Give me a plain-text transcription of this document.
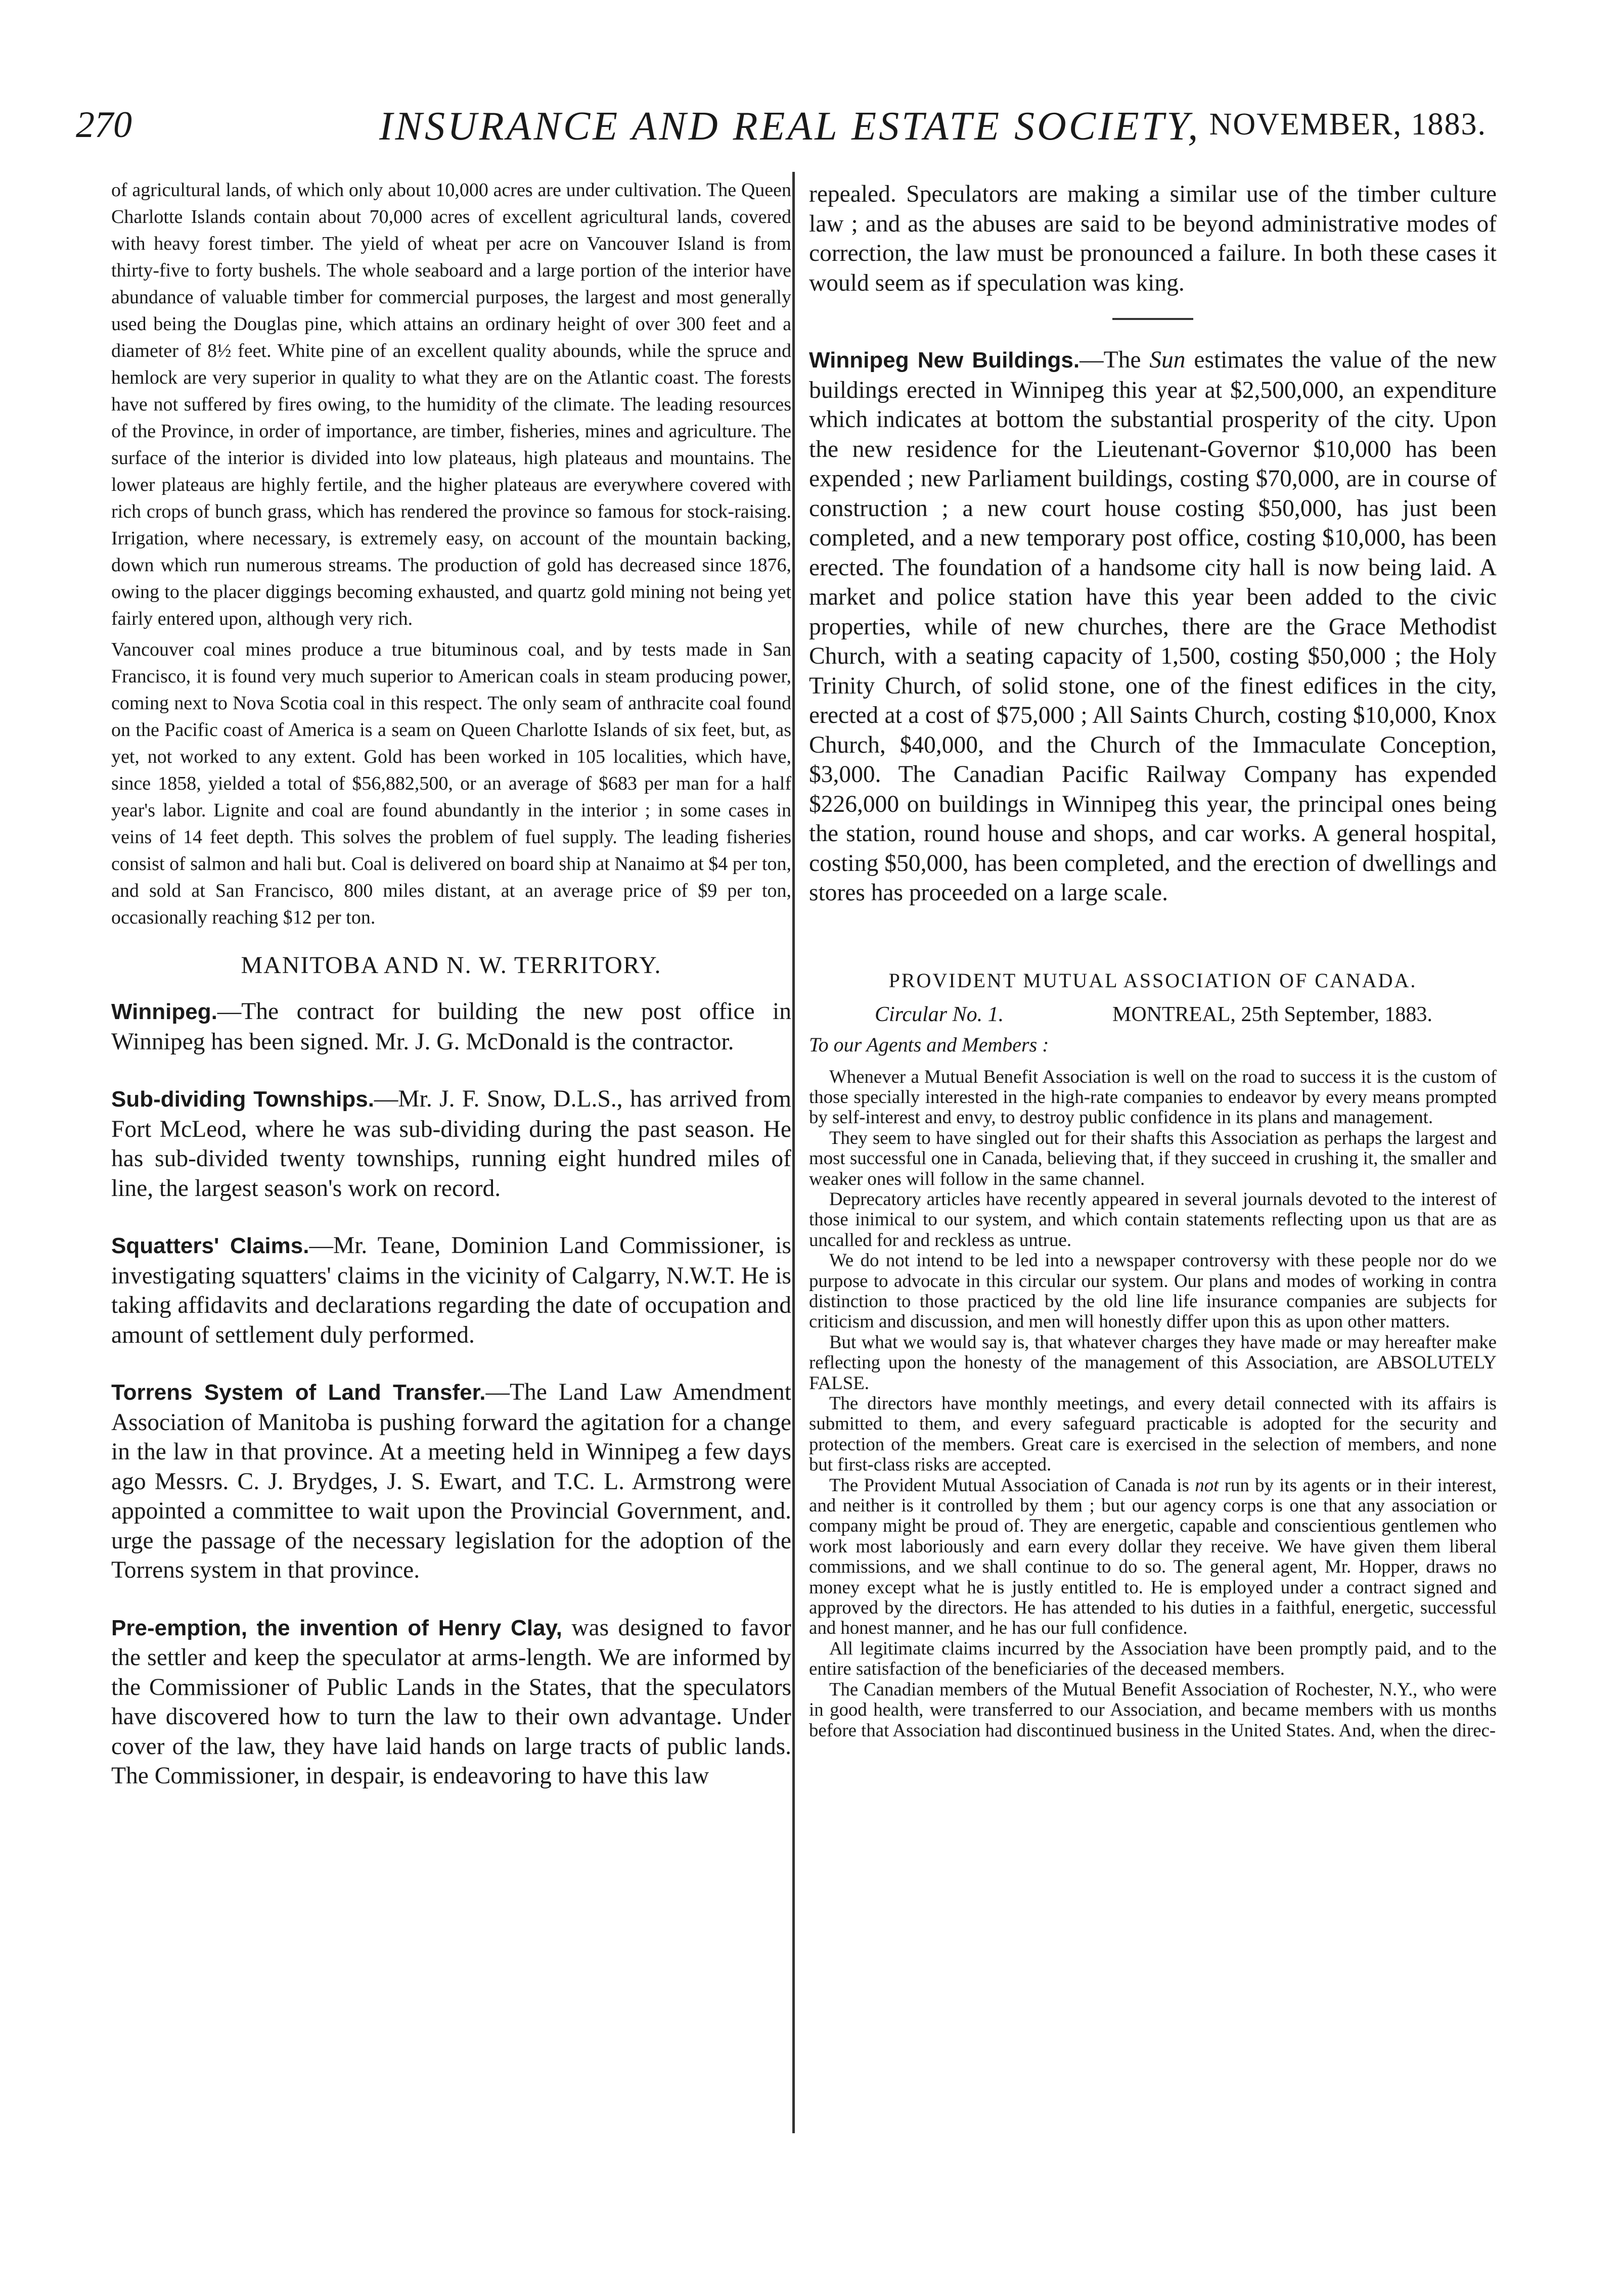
270	INSURANCE AND REAL ESTATE SOCIETY, NOVEMBER, 1883.

of agricultural lands, of which only about 10,000 acres are under cultivation. The Queen Charlotte Islands contain about 70,000 acres of excellent agricultural lands, covered with heavy forest timber. The yield of wheat per acre on Vancouver Island is from thirty-five to forty bushels. The whole seaboard and a large portion of the interior have abundance of valuable timber for commercial purposes, the largest and most generally used being the Douglas pine, which attains an ordinary height of over 300 feet and a diameter of 8½ feet. White pine of an excellent quality abounds, while the spruce and hemlock are very superior in quality to what they are on the Atlantic coast. The forests have not suffered by fires owing, to the humidity of the climate. The leading resources of the Province, in order of importance, are timber, fisheries, mines and agriculture. The surface of the interior is divided into low plateaus, high plateaus and mountains. The lower plateaus are highly fertile, and the higher plateaus are everywhere covered with rich crops of bunch grass, which has rendered the province so famous for stock-raising. Irrigation, where necessary, is extremely easy, on account of the mountain backing, down which run numerous streams. The production of gold has decreased since 1876, owing to the placer diggings becoming exhausted, and quartz gold mining not being yet fairly entered upon, although very rich.

Vancouver coal mines produce a true bituminous coal, and by tests made in San Francisco, it is found very much superior to American coals in steam producing power, coming next to Nova Scotia coal in this respect. The only seam of anthracite coal found on the Pacific coast of America is a seam on Queen Charlotte Islands of six feet, but, as yet, not worked to any extent. Gold has been worked in 105 localities, which have, since 1858, yielded a total of $56,882,500, or an average of $683 per man for a half year's labor. Lignite and coal are found abundantly in the interior ; in some cases in veins of 14 feet depth. This solves the problem of fuel supply. The leading fisheries consist of salmon and hali but. Coal is delivered on board ship at Nanaimo at $4 per ton, and sold at San Francisco, 800 miles distant, at an average price of $9 per ton, occasionally reaching $12 per ton.

MANITOBA AND N. W. TERRITORY.

Winnipeg.—The contract for building the new post office in Winnipeg has been signed. Mr. J. G. McDonald is the contractor.

Sub-dividing Townships.—Mr. J. F. Snow, D.L.S., has arrived from Fort McLeod, where he was sub-dividing during the past season. He has sub-divided twenty townships, running eight hundred miles of line, the largest season's work on record.

Squatters' Claims.—Mr. Teane, Dominion Land Commissioner, is investigating squatters' claims in the vicinity of Calgarry, N.W.T. He is taking affidavits and declarations regarding the date of occupation and amount of settlement duly performed.

Torrens System of Land Transfer.—The Land Law Amendment Association of Manitoba is pushing forward the agitation for a change in the law in that province. At a meeting held in Winnipeg a few days ago Messrs. C. J. Brydges, J. S. Ewart, and T.C. L. Armstrong were appointed a committee to wait upon the Provincial Government, and. urge the passage of the necessary legislation for the adoption of the Torrens system in that province.

Pre-emption, the invention of Henry Clay, was designed to favor the settler and keep the speculator at arms-length. We are informed by the Commissioner of Public Lands in the States, that the speculators have discovered how to turn the law to their own advantage. Under cover of the law, they have laid hands on large tracts of public lands. The Commissioner, in despair, is endeavoring to have this law

repealed. Speculators are making a similar use of the timber culture law ; and as the abuses are said to be beyond administrative modes of correction, the law must be pronounced a failure. In both these cases it would seem as if speculation was king.

Winnipeg New Buildings.—The Sun estimates the value of the new buildings erected in Winnipeg this year at $2,500,000, an expenditure which indicates at bottom the substantial prosperity of the city. Upon the new residence for the Lieutenant-Governor $10,000 has been expended ; new Parliament buildings, costing $70,000, are in course of construction ; a new court house costing $50,000, has just been completed, and a new temporary post office, costing $10,000, has been erected. The foundation of a handsome city hall is now being laid. A market and police station have this year been added to the civic properties, while of new churches, there are the Grace Methodist Church, with a seating capacity of 1,500, costing $50,000 ; the Holy Trinity Church, of solid stone, one of the finest edifices in the city, erected at a cost of $75,000 ; All Saints Church, costing $10,000, Knox Church, $40,000, and the Church of the Immaculate Conception, $3,000. The Canadian Pacific Railway Company has expended $226,000 on buildings in Winnipeg this year, the principal ones being the station, round house and shops, and car works. A general hospital, costing $50,000, has been completed, and the erection of dwellings and stores has proceeded on a large scale.

PROVIDENT MUTUAL ASSOCIATION OF CANADA.
Circular No. 1.	MONTREAL, 25th September, 1883.
To our Agents and Members :

Whenever a Mutual Benefit Association is well on the road to success it is the custom of those specially interested in the high-rate companies to endeavor by every means prompted by self-interest and envy, to destroy public confidence in its plans and management.

They seem to have singled out for their shafts this Association as perhaps the largest and most successful one in Canada, believing that, if they succeed in crushing it, the smaller and weaker ones will follow in the same channel.

Deprecatory articles have recently appeared in several journals devoted to the interest of those inimical to our system, and which contain statements reflecting upon us that are as uncalled for and reckless as untrue.

We do not intend to be led into a newspaper controversy with these people nor do we purpose to advocate in this circular our system. Our plans and modes of working in contra distinction to those practiced by the old line life insurance companies are subjects for criticism and discussion, and men will honestly differ upon this as upon other matters.

But what we would say is, that whatever charges they have made or may hereafter make reflecting upon the honesty of the management of this Association, are ABSOLUTELY FALSE.

The directors have monthly meetings, and every detail connected with its affairs is submitted to them, and every safeguard practicable is adopted for the security and protection of the members. Great care is exercised in the selection of members, and none but first-class risks are accepted.

The Provident Mutual Association of Canada is not run by its agents or in their interest, and neither is it controlled by them ; but our agency corps is one that any association or company might be proud of. They are energetic, capable and conscientious gentlemen who work most laboriously and earn every dollar they receive. We have given them liberal commissions, and we shall continue to do so. The general agent, Mr. Hopper, draws no money except what he is justly entitled to. He is employed under a contract signed and approved by the directors. He has attended to his duties in a faithful, energetic, successful and honest manner, and he has our full confidence.

All legitimate claims incurred by the Association have been promptly paid, and to the entire satisfaction of the beneficiaries of the deceased members.

The Canadian members of the Mutual Benefit Association of Rochester, N.Y., who were in good health, were transferred to our Association, and became members with us months before that Association had discontinued business in the United States. And, when the direc-
